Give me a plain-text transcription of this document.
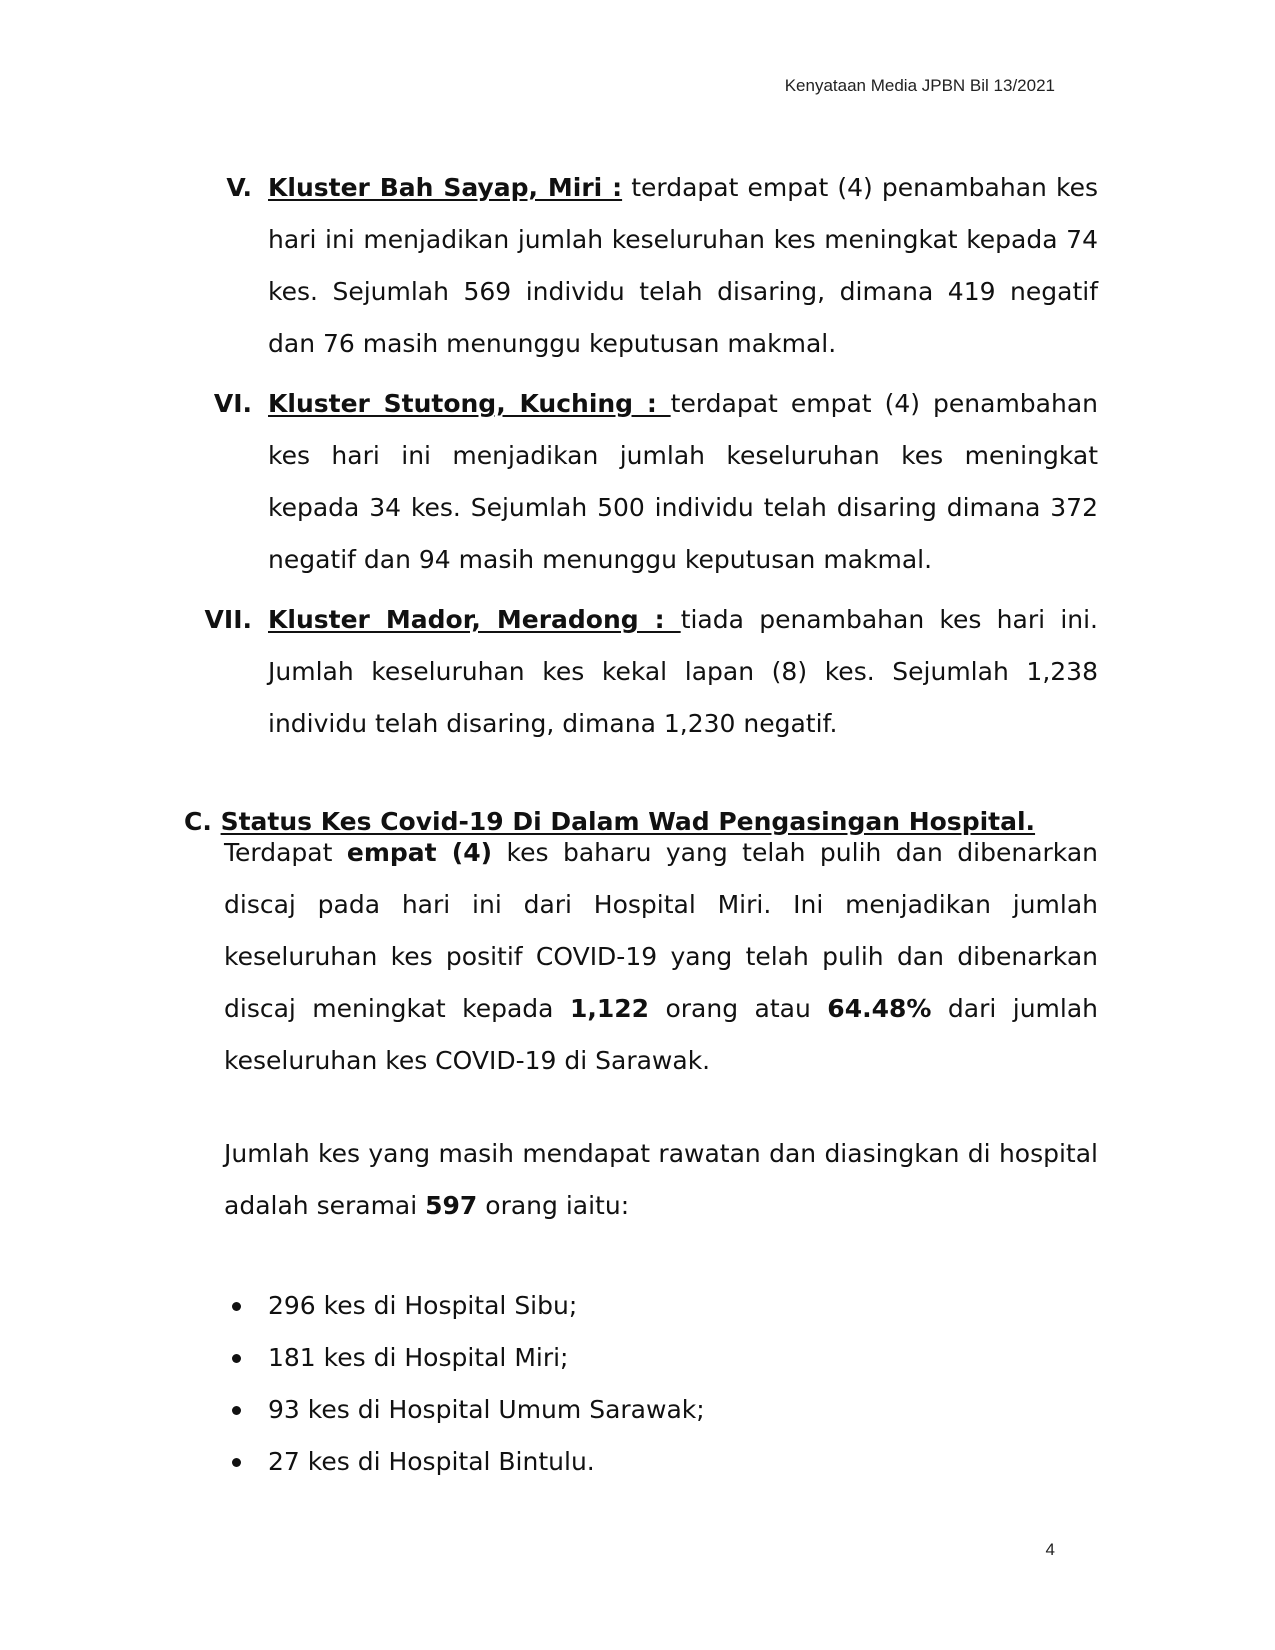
Kenyataan Media JPBN Bil 13/2021
V. Kluster Bah Sayap, Miri : terdapat empat (4) penambahan kes hari ini menjadikan jumlah keseluruhan kes meningkat kepada 74 kes. Sejumlah 569 individu telah disaring, dimana 419 negatif dan 76 masih menunggu keputusan makmal.
VI. Kluster Stutong, Kuching : terdapat empat (4) penambahan kes hari ini menjadikan jumlah keseluruhan kes meningkat kepada 34 kes. Sejumlah 500 individu telah disaring dimana 372 negatif dan 94 masih menunggu keputusan makmal.
VII. Kluster Mador, Meradong : tiada penambahan kes hari ini. Jumlah keseluruhan kes kekal lapan (8) kes. Sejumlah 1,238 individu telah disaring, dimana 1,230 negatif.
C. Status Kes Covid-19 Di Dalam Wad Pengasingan Hospital.
Terdapat empat (4) kes baharu yang telah pulih dan dibenarkan discaj pada hari ini dari Hospital Miri. Ini menjadikan jumlah keseluruhan kes positif COVID-19 yang telah pulih dan dibenarkan discaj meningkat kepada 1,122 orang atau 64.48% dari jumlah keseluruhan kes COVID-19 di Sarawak.
Jumlah kes yang masih mendapat rawatan dan diasingkan di hospital adalah seramai 597 orang iaitu:
296 kes di Hospital Sibu;
181 kes di Hospital Miri;
93 kes di Hospital Umum Sarawak;
27 kes di Hospital Bintulu.
4
